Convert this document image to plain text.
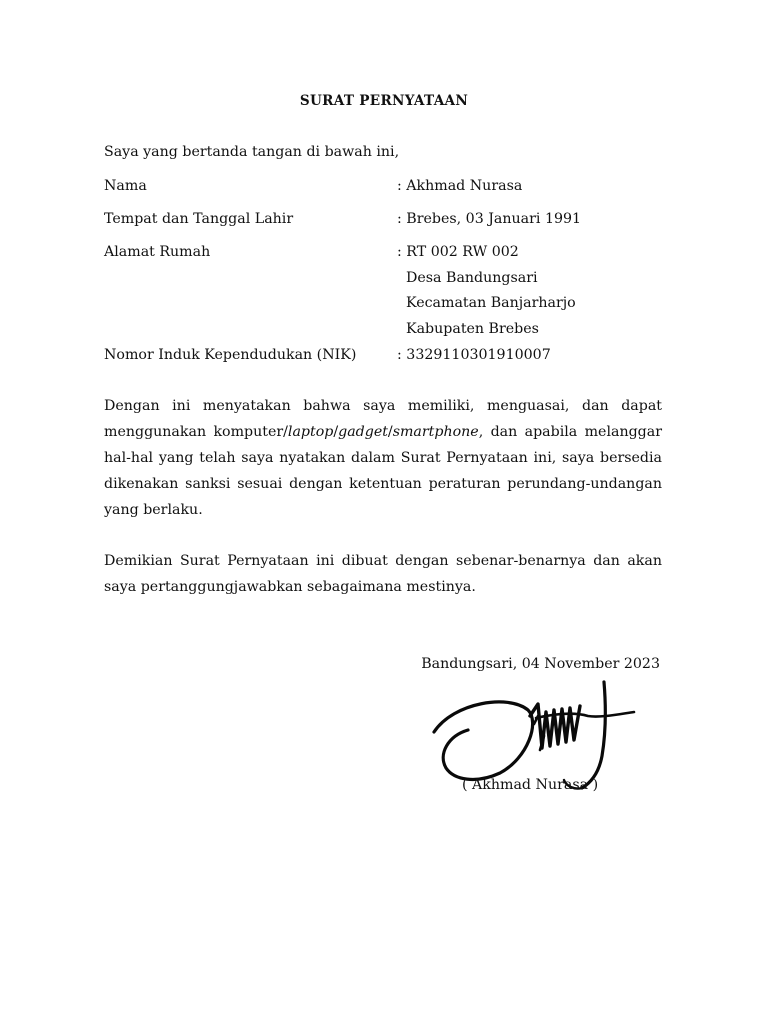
SURAT PERNYATAAN
Saya yang bertanda tangan di bawah ini,
Nama	: Akhmad Nurasa
Tempat dan Tanggal Lahir	: Brebes, 03 Januari 1991
Alamat Rumah	: RT 002 RW 002
Desa Bandungsari
Kecamatan Banjarharjo
Kabupaten Brebes
Nomor Induk Kependudukan (NIK)	: 3329110301910007

Dengan ini menyatakan bahwa saya memiliki, menguasai, dan dapat menggunakan komputer/laptop/gadget/smartphone, dan apabila melanggar hal-hal yang telah saya nyatakan dalam Surat Pernyataan ini, saya bersedia dikenakan sanksi sesuai dengan ketentuan peraturan perundang-undangan yang berlaku.

Demikian Surat Pernyataan ini dibuat dengan sebenar-benarnya dan akan saya pertanggungjawabkan sebagaimana mestinya.

Bandungsari, 04 November 2023
( Akhmad Nurasa )
